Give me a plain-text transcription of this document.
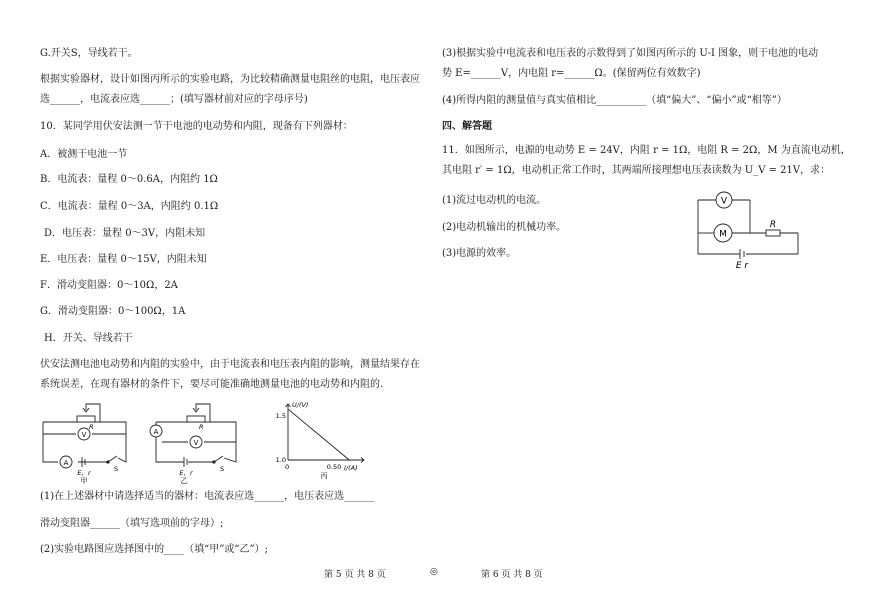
G.开关S，导线若干。
根据实验器材，设计如图丙所示的实验电路，为比较精确测量电阻丝的电阻，电压表应
选______，电流表应选______；(填写器材前对应的字母序号)
10．某同学用伏安法测一节干电池的电动势和内阻，现备有下列器材：
A．被测干电池一节
B．电流表：量程 0～0.6A，内阻约 1Ω
C．电流表：量程 0～3A，内阻约 0.1Ω
D．电压表：量程 0～3V，内阻未知
E．电压表：量程 0～15V，内阻未知
F．滑动变阻器：0～10Ω，2A
G．滑动变阻器：0～100Ω，1A
H．开关、导线若干
伏安法测电池电动势和内阻的实验中，由于电流表和电压表内阻的影响，测量结果存在
系统误差，在现有器材的条件下，要尽可能准确地测量电池的电动势和内阻的.
(1)在上述器材中请选择适当的器材：电流表应选______，电压表应选______
滑动变阻器______（填写选项前的字母）;
(2)实验电路图应选择图中的____（填“甲”或“乙”）;
(3)根据实验中电流表和电压表的示数得到了如图丙所示的 U-I 图象，则干电池的电动
势 E=______V，内电阻 r=______Ω。(保留两位有效数字)
(4)所得内阻的测量值与真实值相比__________（填“偏大”、“偏小”或“相等”）
四、解答题
11．如图所示，电源的电动势 E = 24V，内阻 r = 1Ω，电阻 R = 2Ω，M 为直流电动机，
其电阻 r′ = 1Ω，电动机正常工作时，其两端所接理想电压表读数为 U_V = 21V，求：
(1)流过电动机的电流。
(2)电动机输出的机械功率。
(3)电源的效率。
V
A
R
E，r	S
甲
A
V
R
E，r	S
乙
U/(V)
I/(A)
0
1.5
1.0
0.50
丙
V
M
R
E r
第 5 页 共 8 页	◎	第 6 页 共 8 页
